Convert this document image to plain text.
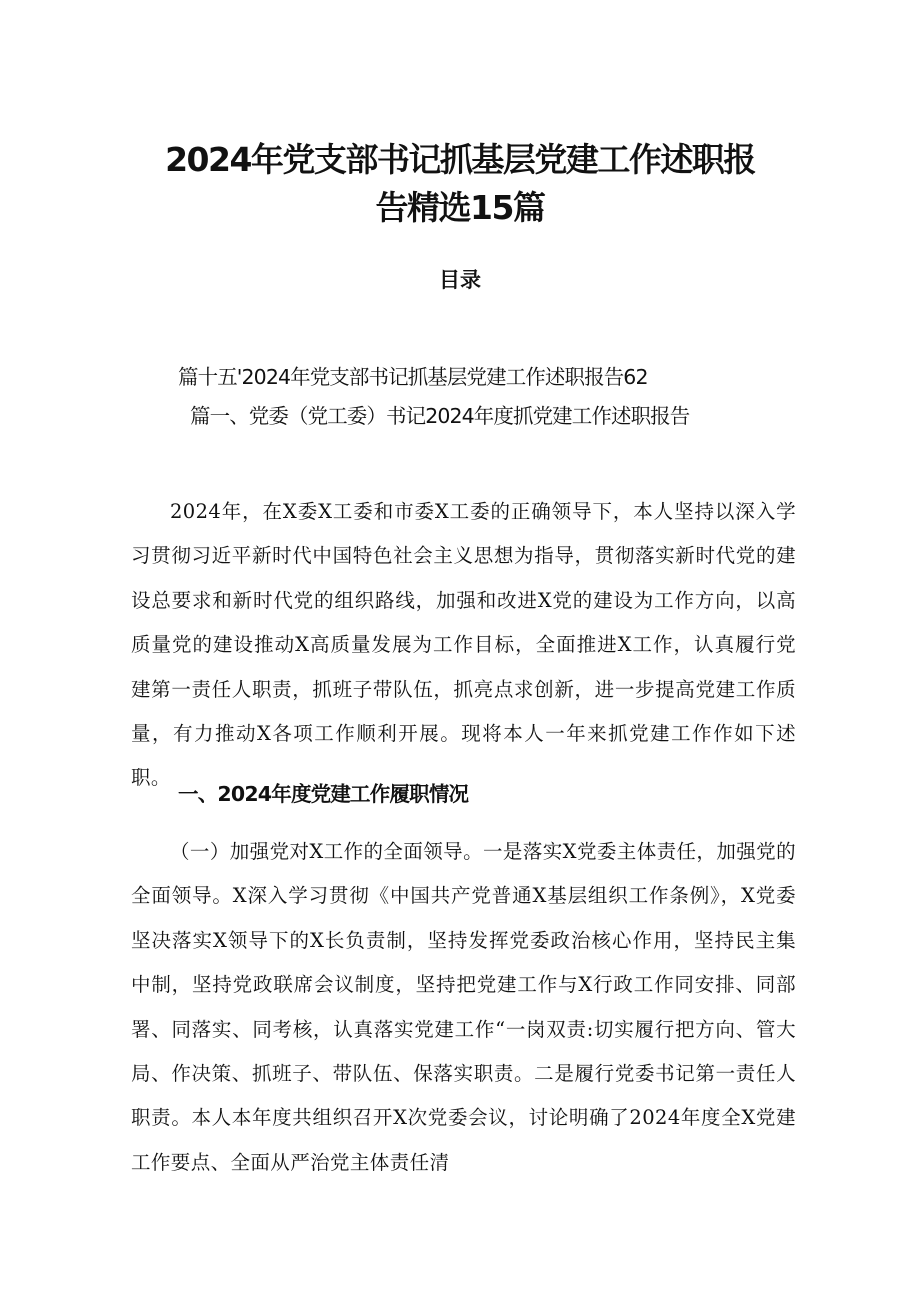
2024年党支部书记抓基层党建工作述职报
告精选15篇
目录

篇十五'2024年党支部书记抓基层党建工作述职报告62

篇一、党委（党工委）书记2024年度抓党建工作述职报告

2024年，在X委X工委和市委X工委的正确领导下，本人坚持以深入学习贯彻习近平新时代中国特色社会主义思想为指导，贯彻落实新时代党的建设总要求和新时代党的组织路线，加强和改进X党的建设为工作方向，以高质量党的建设推动X高质量发展为工作目标，全面推进X工作，认真履行党建第一责任人职责，抓班子带队伍，抓亮点求创新，进一步提高党建工作质量，有力推动X各项工作顺利开展。现将本人一年来抓党建工作作如下述职。

一、2024年度党建工作履职情况

（一）加强党对X工作的全面领导。一是落实X党委主体责任，加强党的全面领导。X深入学习贯彻《中国共产党普通X基层组织工作条例》，X党委坚决落实X领导下的X长负责制，坚持发挥党委政治核心作用，坚持民主集中制，坚持党政联席会议制度，坚持把党建工作与X行政工作同安排、同部署、同落实、同考核，认真落实党建工作“一岗双责:切实履行把方向、管大局、作决策、抓班子、带队伍、保落实职责。二是履行党委书记第一责任人职责。本人本年度共组织召开X次党委会议，讨论明确了2024年度全X党建工作要点、全面从严治党主体责任清
